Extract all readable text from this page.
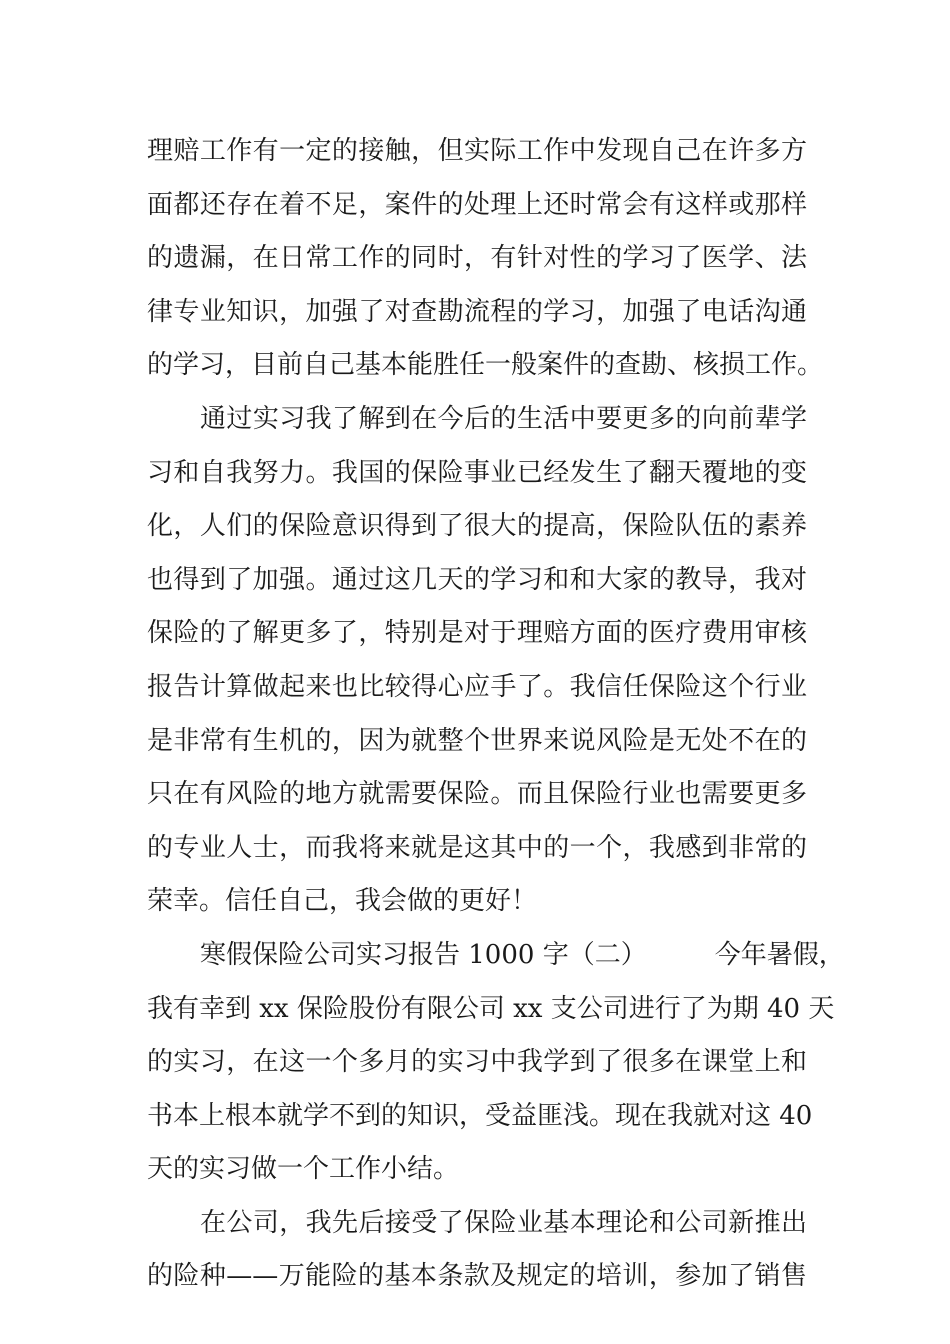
理赔工作有一定的接触，但实际工作中发现自己在许多方
面都还存在着不足，案件的处理上还时常会有这样或那样
的遗漏，在日常工作的同时，有针对性的学习了医学、法
律专业知识，加强了对查勘流程的学习，加强了电话沟通
的学习，目前自己基本能胜任一般案件的查勘、核损工作。
通过实习我了解到在今后的生活中要更多的向前辈学
习和自我努力。我国的保险事业已经发生了翻天覆地的变
化，人们的保险意识得到了很大的提高，保险队伍的素养
也得到了加强。通过这几天的学习和和大家的教导，我对
保险的了解更多了，特别是对于理赔方面的医疗费用审核
报告计算做起来也比较得心应手了。我信任保险这个行业
是非常有生机的，因为就整个世界来说风险是无处不在的
只在有风险的地方就需要保险。而且保险行业也需要更多
的专业人士，而我将来就是这其中的一个，我感到非常的
荣幸。信任自己，我会做的更好！
寒假保险公司实习报告 1000 字（二）	今年暑假，
我有幸到 xx 保险股份有限公司 xx 支公司进行了为期 40 天
的实习，在这一个多月的实习中我学到了很多在课堂上和
书本上根本就学不到的知识，受益匪浅。现在我就对这 40
天的实习做一个工作小结。
在公司，我先后接受了保险业基本理论和公司新推出
的险种——万能险的基本条款及规定的培训，参加了销售
